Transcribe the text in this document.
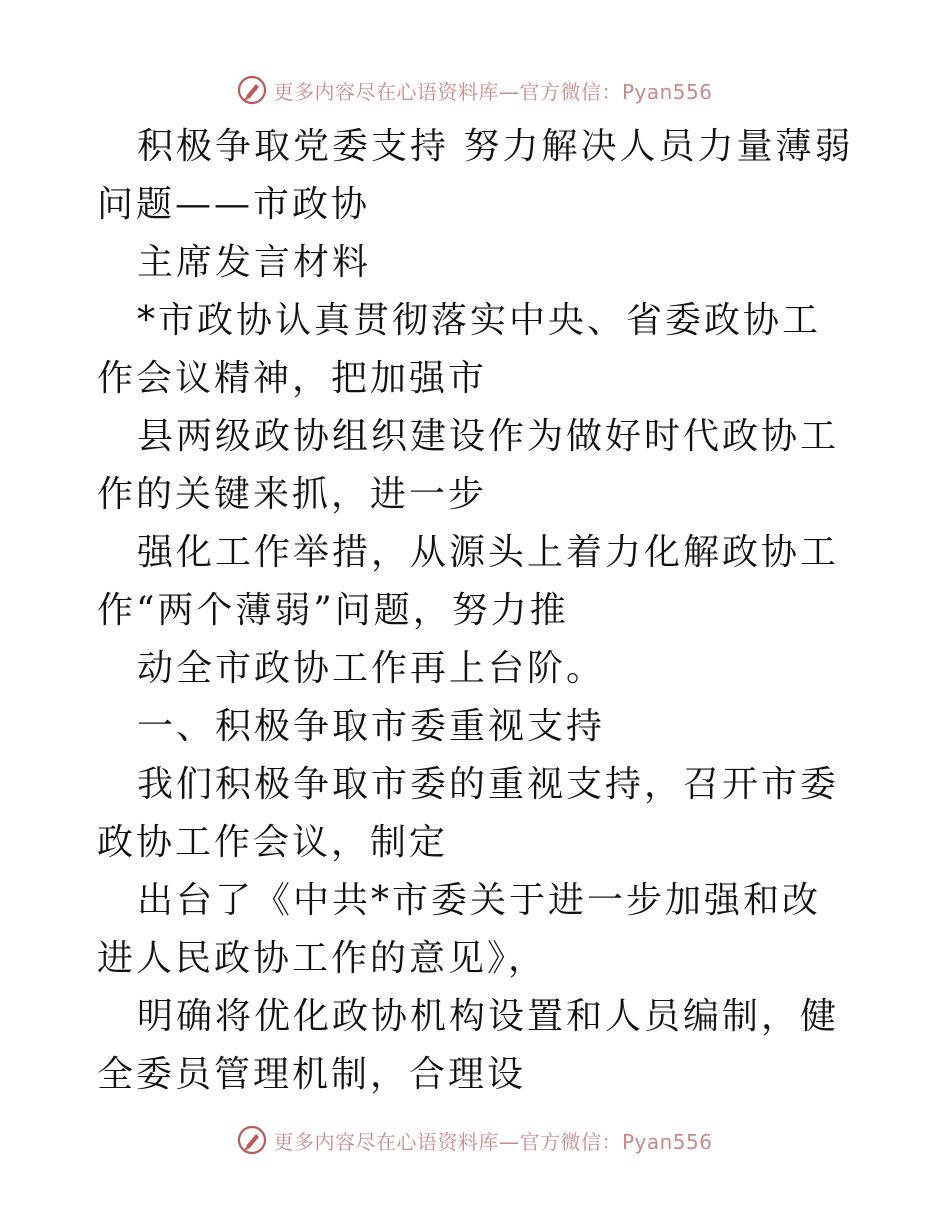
更多内容尽在心语资料库—官方微信：Pyan556

积极争取党委支持 努力解决人员力量薄弱问题——市政协

主席发言材料

*市政协认真贯彻落实中央、省委政协工作会议精神，把加强市

县两级政协组织建设作为做好时代政协工作的关键来抓，进一步

强化工作举措，从源头上着力化解政协工作“两个薄弱”问题，努力推

动全市政协工作再上台阶。

一、积极争取市委重视支持

我们积极争取市委的重视支持，召开市委政协工作会议，制定

出台了《中共*市委关于进一步加强和改进人民政协工作的意见》，

明确将优化政协机构设置和人员编制，健全委员管理机制，合理设

更多内容尽在心语资料库—官方微信：Pyan556
